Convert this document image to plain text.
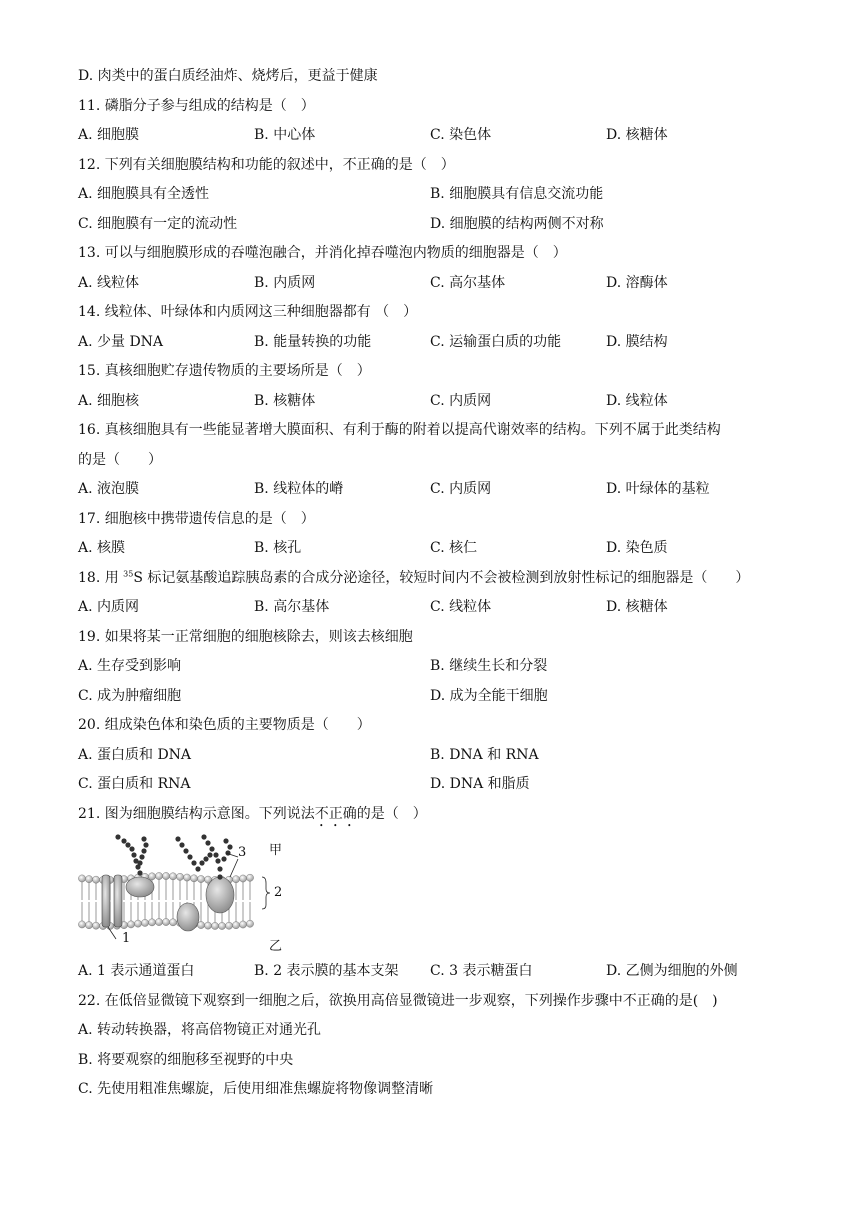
D. 肉类中的蛋白质经油炸、烧烤后，更益于健康
11. 磷脂分子参与组成的结构是（　）
A. 细胞膜	B. 中心体	C. 染色体	D. 核糖体
12. 下列有关细胞膜结构和功能的叙述中，不正确的是（　）
A. 细胞膜具有全透性	B. 细胞膜具有信息交流功能
C. 细胞膜有一定的流动性	D. 细胞膜的结构两侧不对称
13. 可以与细胞膜形成的吞噬泡融合，并消化掉吞噬泡内物质的细胞器是（　）
A. 线粒体	B. 内质网	C. 高尔基体	D. 溶酶体
14. 线粒体、叶绿体和内质网这三种细胞器都有 （　）
A. 少量 DNA	B. 能量转换的功能	C. 运输蛋白质的功能	D. 膜结构
15. 真核细胞贮存遗传物质的主要场所是（　）
A. 细胞核	B. 核糖体	C. 内质网	D. 线粒体
16. 真核细胞具有一些能显著增大膜面积、有利于酶的附着以提高代谢效率的结构。下列不属于此类结构
的是（　　）
A. 液泡膜	B. 线粒体的嵴	C. 内质网	D. 叶绿体的基粒
17. 细胞核中携带遗传信息的是（　）
A. 核膜	B. 核孔	C. 核仁	D. 染色质
18. 用 $^{35}$S 标记氨基酸追踪胰岛素的合成分泌途径，较短时间内不会被检测到放射性标记的细胞器是（　　）
A. 内质网	B. 高尔基体	C. 线粒体	D. 核糖体
19. 如果将某一正常细胞的细胞核除去，则该去核细胞
A. 生存受到影响	B. 继续生长和分裂
C. 成为肿瘤细胞	D. 成为全能干细胞
20. 组成染色体和染色质的主要物质是（　　）
A. 蛋白质和 DNA	B. DNA 和 RNA
C. 蛋白质和 RNA	D. DNA 和脂质
21. 图为细胞膜结构示意图。下列说法不正确的是（　）
3 甲
2
1
乙
A. 1 表示通道蛋白	B. 2 表示膜的基本支架 C. 3 表示糖蛋白	D. 乙侧为细胞的外侧
22. 在低倍显微镜下观察到一细胞之后，欲换用高倍显微镜进一步观察，下列操作步骤中不正确的是(　)
A. 转动转换器，将高倍物镜正对通光孔
B. 将要观察的细胞移至视野的中央
C. 先使用粗准焦螺旋，后使用细准焦螺旋将物像调整清晰
